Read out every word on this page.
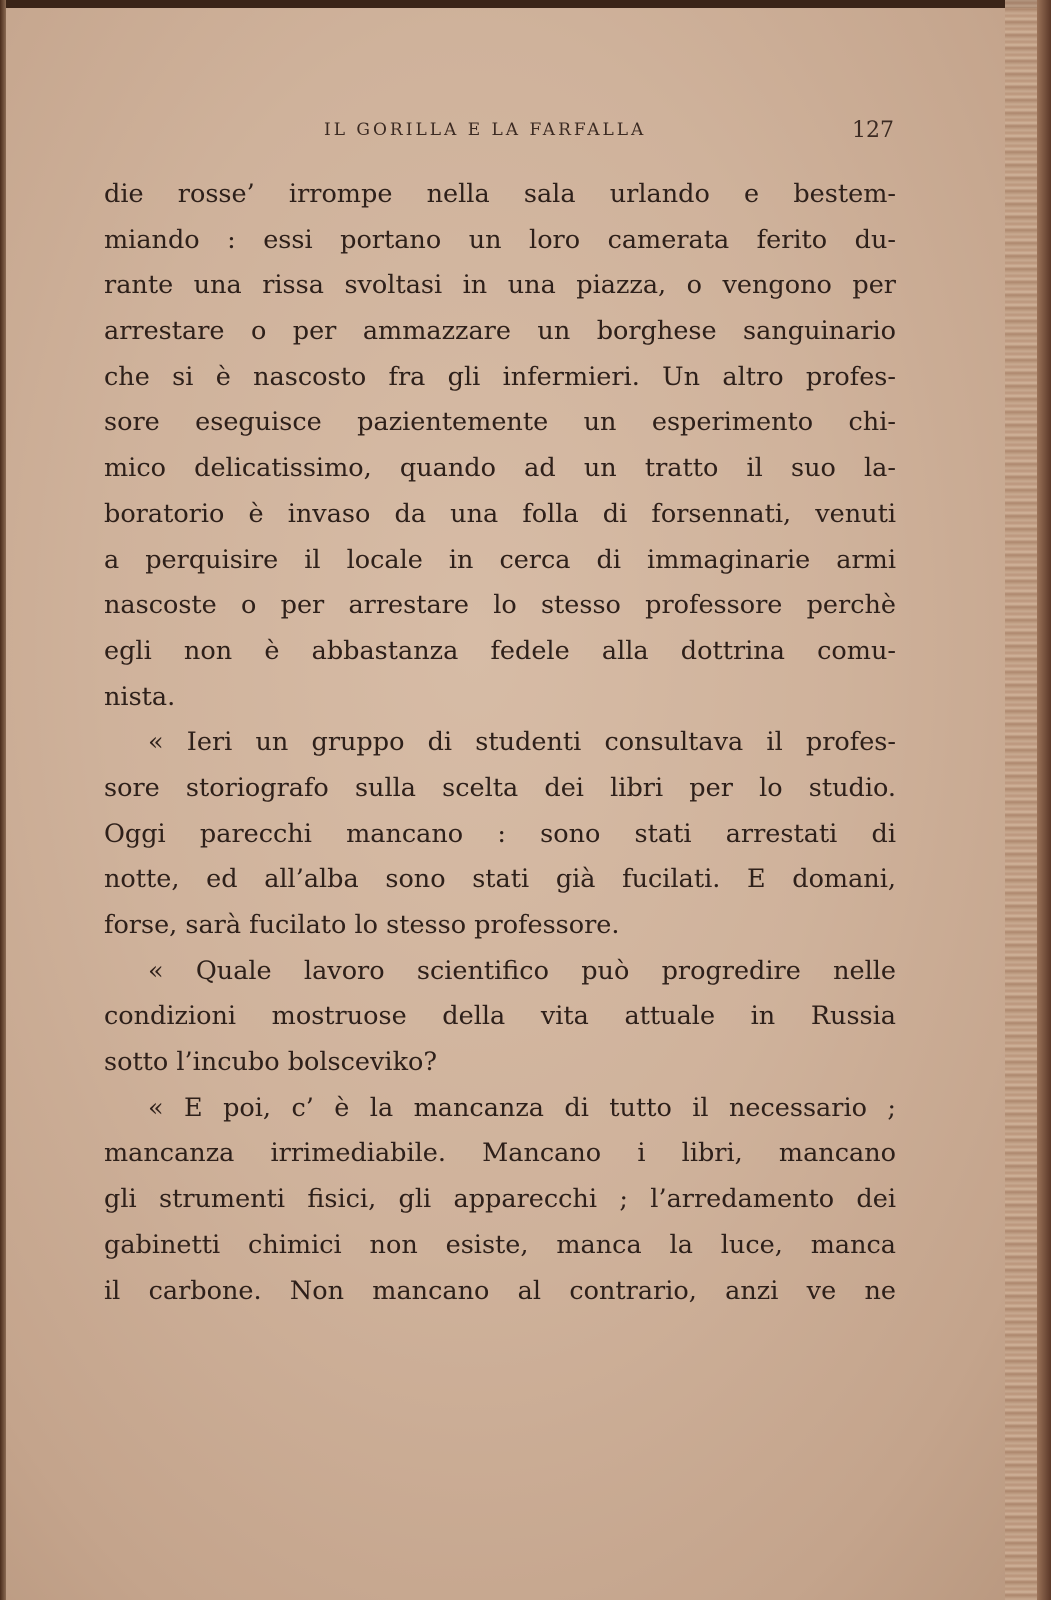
IL GORILLA E LA FARFALLA	127
die rosse’ irrompe nella sala urlando e bestem-
miando : essi portano un loro camerata ferito du-
rante una rissa svoltasi in una piazza, o vengono per
arrestare o per ammazzare un borghese sanguinario
che si è nascosto fra gli infermieri. Un altro profes-
sore eseguisce pazientemente un esperimento chi-
mico delicatissimo, quando ad un tratto il suo la-
boratorio è invaso da una folla di forsennati, venuti
a perquisire il locale in cerca di immaginarie armi
nascoste o per arrestare lo stesso professore perchè
egli non è abbastanza fedele alla dottrina comu-
nista.
« Ieri un gruppo di studenti consultava il profes-
sore storiografo sulla scelta dei libri per lo studio.
Oggi parecchi mancano : sono stati arrestati di
notte, ed all’alba sono stati già fucilati. E domani,
forse, sarà fucilato lo stesso professore.
« Quale lavoro scientifico può progredire nelle
condizioni mostruose della vita attuale in Russia
sotto l’incubo bolsceviko?
« E poi, c’ è la mancanza di tutto il necessario ;
mancanza irrimediabile. Mancano i libri, mancano
gli strumenti fisici, gli apparecchi ; l’arredamento dei
gabinetti chimici non esiste, manca la luce, manca
il carbone. Non mancano al contrario, anzi ve ne
